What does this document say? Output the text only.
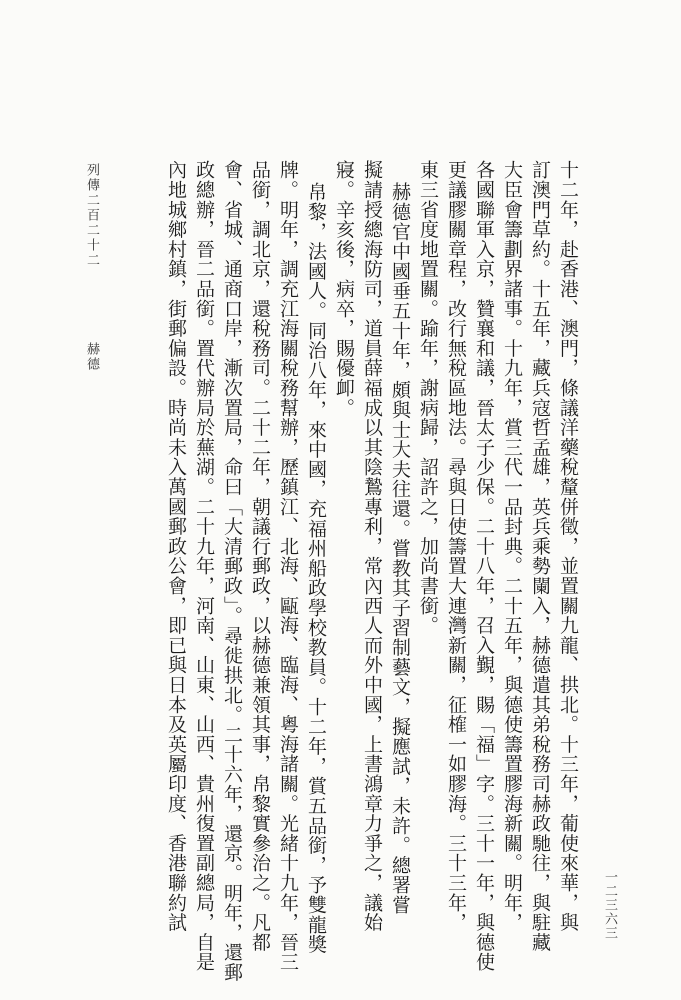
列傳二百二十二  赫德
一二三六三
十二年，赴香港、澳門，條議洋藥稅釐併徵，並置關九龍、拱北。十三年，葡使來華，與
訂澳門草約。十五年，藏兵寇哲孟雄，英兵乘勢闌入，赫德遣其弟稅務司赫政馳往，與駐藏
大臣會籌劃界諸事。十九年，賞三代一品封典。二十五年，與德使籌置膠海新關。明年，
各國聯軍入京，贊襄和議，晉太子少保。二十八年，召入覲，賜「福」字。三十一年，與德使
更議膠關章程，改行無稅區地法。尋與日使籌置大連灣新關，征榷一如膠海。三十三年，
東三省度地置關。踰年，謝病歸，詔許之，加尚書銜。
赫德官中國垂五十年，頗與士大夫往還。嘗教其子習制藝文，擬應試，未許。總署嘗
擬請授總海防司，道員薛福成以其陰鷙專利，常內西人而外中國，上書鴻章力爭之，議始
寢。辛亥後，病卒，賜優卹。
帛黎，法國人。同治八年，來中國，充福州船政學校教員。十二年，賞五品銜，予雙龍獎
牌。明年，調充江海關稅務幫辦，歷鎮江、北海、甌海、臨海、粵海諸關。光緒十九年，晉三
品銜，調北京，還稅務司。二十二年，朝議行郵政，以赫德兼領其事，帛黎實參治之。凡都
會、省城、通商口岸，漸次置局，命曰「大清郵政」。尋徙拱北。二十六年，還京。明年，還郵
政總辦，晉二品銜。置代辦局於蕪湖。二十九年，河南、山東、山西、貴州復置副總局，自是
內地城鄉村鎮，街郵偏設。時尚未入萬國郵政公會，即已與日本及英屬印度、香港聯約試
